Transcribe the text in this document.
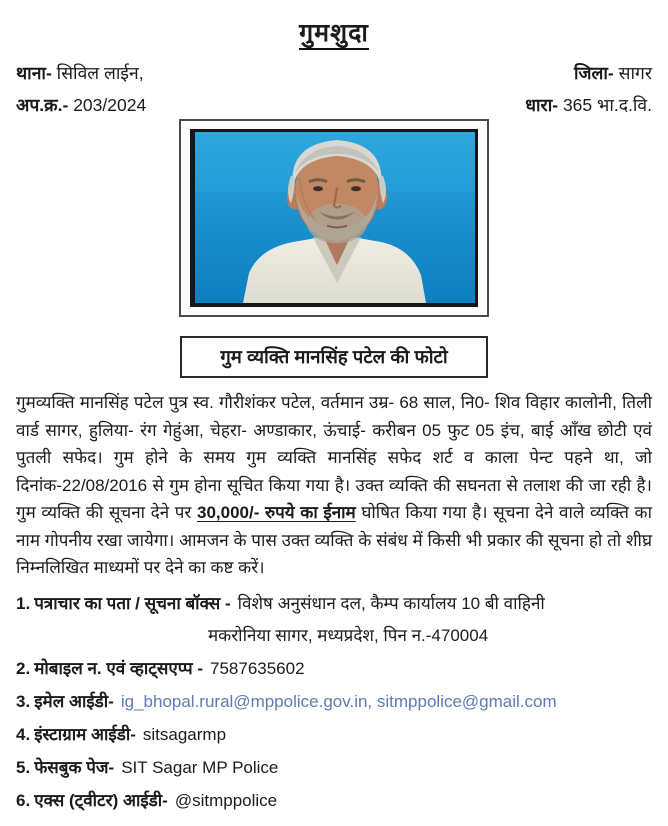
गुमशुदा
थाना- सिविल लाईन,
अप.क्र.- 203/2024
जिला- सागर
धारा- 365 भा.द.वि.
गुम व्यक्ति मानसिंह पटेल की फोटो

गुमव्यक्ति मानसिंह पटेल पुत्र स्व. गौरीशंकर पटेल, वर्तमान उम्र- 68 साल, नि0- शिव विहार कालोनी, तिली वार्ड सागर, हुलिया- रंग गेहुंआ, चेहरा- अण्डाकार, ऊंचाई- करीबन 05 फुट 05 इंच, बाई आँख छोटी एवं पुतली सफेद। गुम होने के समय गुम व्यक्ति मानसिंह सफेद शर्ट व काला पेन्ट पहने था, जो दिनांक-22/08/2016 से गुम होना सूचित किया गया है। उक्त व्यक्ति की सघनता से तलाश की जा रही है। गुम व्यक्ति की सूचना देने पर 30,000/- रुपये का ईनाम घोषित किया गया है। सूचना देने वाले व्यक्ति का नाम गोपनीय रखा जायेगा। आमजन के पास उक्त व्यक्ति के संबंध में किसी भी प्रकार की सूचना हो तो शीघ्र निम्नलिखित माध्यमों पर देने का कष्ट करें।

1. पत्राचार का पता / सूचना बॉक्स - विशेष अनुसंधान दल, कैम्प कार्यालय 10 बी वाहिनी
मकरोनिया सागर, मध्यप्रदेश, पिन न.-470004
2. मोबाइल न. एवं व्हाट्सएप्प - 7587635602
3. इमेल आईडी- ig_bhopal.rural@mppolice.gov.in, sitmppolice@gmail.com
4. इंस्टाग्राम आईडी- sitsagarmp
5. फेसबुक पेज- SIT Sagar MP Police
6. एक्स (ट्वीटर) आईडी- @sitmppolice
